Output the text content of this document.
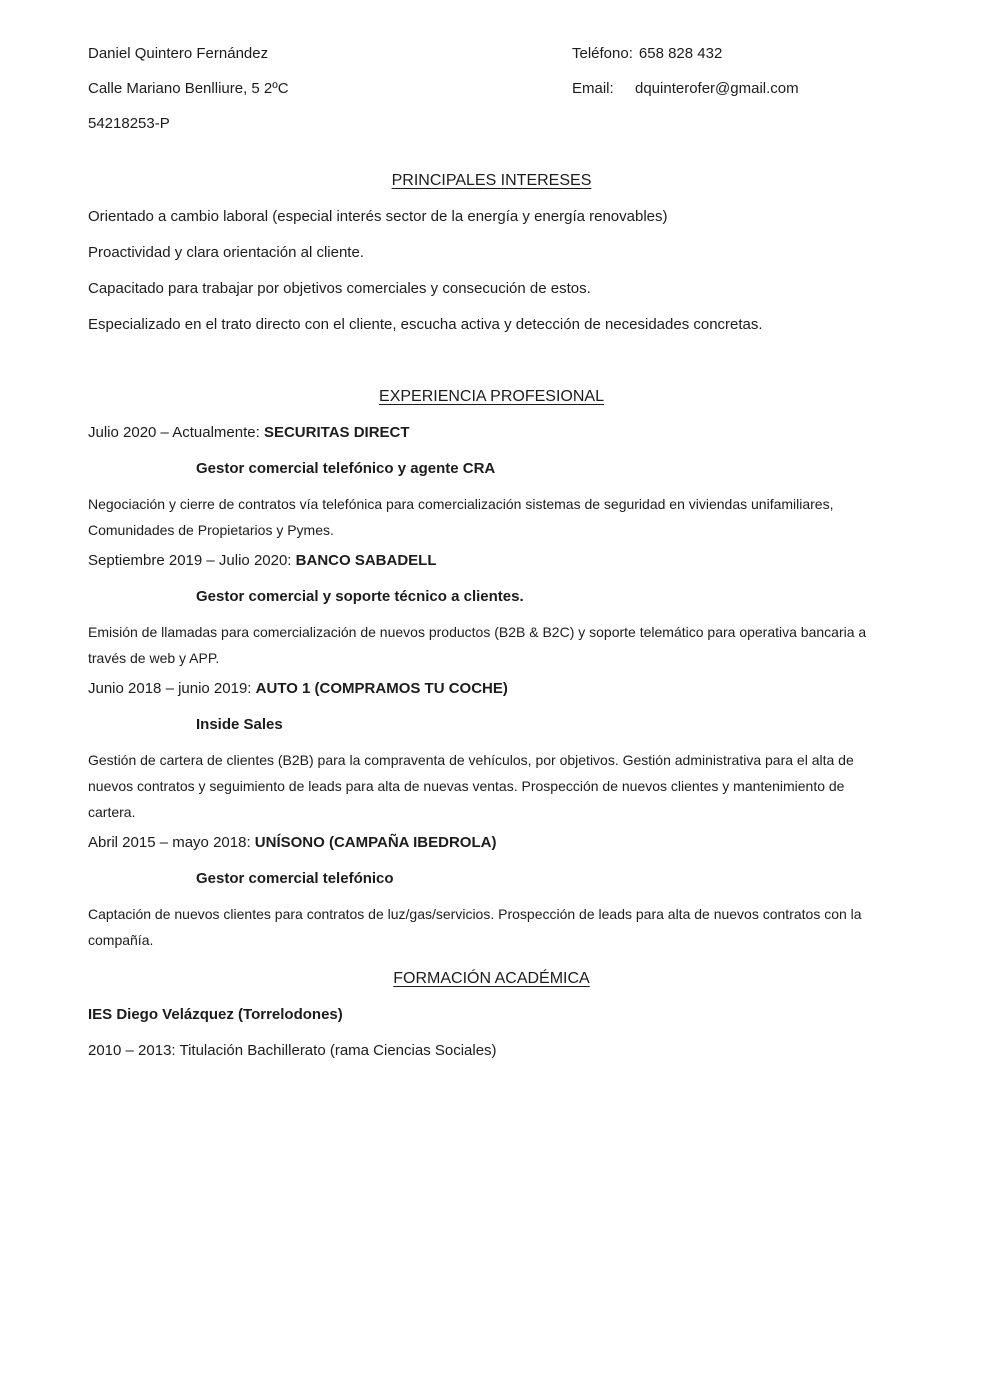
Daniel Quintero Fernández	Teléfono: 658 828 432
Calle Mariano Benlliure, 5 2ºC	Email: dquinterofer@gmail.com
54218253-P
PRINCIPALES INTERESES

Orientado a cambio laboral (especial interés sector de la energía y energía renovables)

Proactividad y clara orientación al cliente.

Capacitado para trabajar por objetivos comerciales y consecución de estos.

Especializado en el trato directo con el cliente, escucha activa y detección de necesidades concretas.

EXPERIENCIA PROFESIONAL

Julio 2020 – Actualmente: SECURITAS DIRECT

Gestor comercial telefónico y agente CRA

Negociación y cierre de contratos vía telefónica para comercialización sistemas de seguridad en viviendas unifamiliares, Comunidades de Propietarios y Pymes.

Septiembre 2019 – Julio 2020: BANCO SABADELL

Gestor comercial y soporte técnico a clientes.

Emisión de llamadas para comercialización de nuevos productos (B2B & B2C) y soporte telemático para operativa bancaria a través de web y APP.

Junio 2018 – junio 2019: AUTO 1 (COMPRAMOS TU COCHE)

Inside Sales

Gestión de cartera de clientes (B2B) para la compraventa de vehículos, por objetivos. Gestión administrativa para el alta de nuevos contratos y seguimiento de leads para alta de nuevas ventas. Prospección de nuevos clientes y mantenimiento de cartera.

Abril 2015 – mayo 2018: UNÍSONO (CAMPAÑA IBEDROLA)

Gestor comercial telefónico

Captación de nuevos clientes para contratos de luz/gas/servicios. Prospección de leads para alta de nuevos contratos con la compañía.

FORMACIÓN ACADÉMICA

IES Diego Velázquez (Torrelodones)

2010 – 2013: Titulación Bachillerato (rama Ciencias Sociales)
